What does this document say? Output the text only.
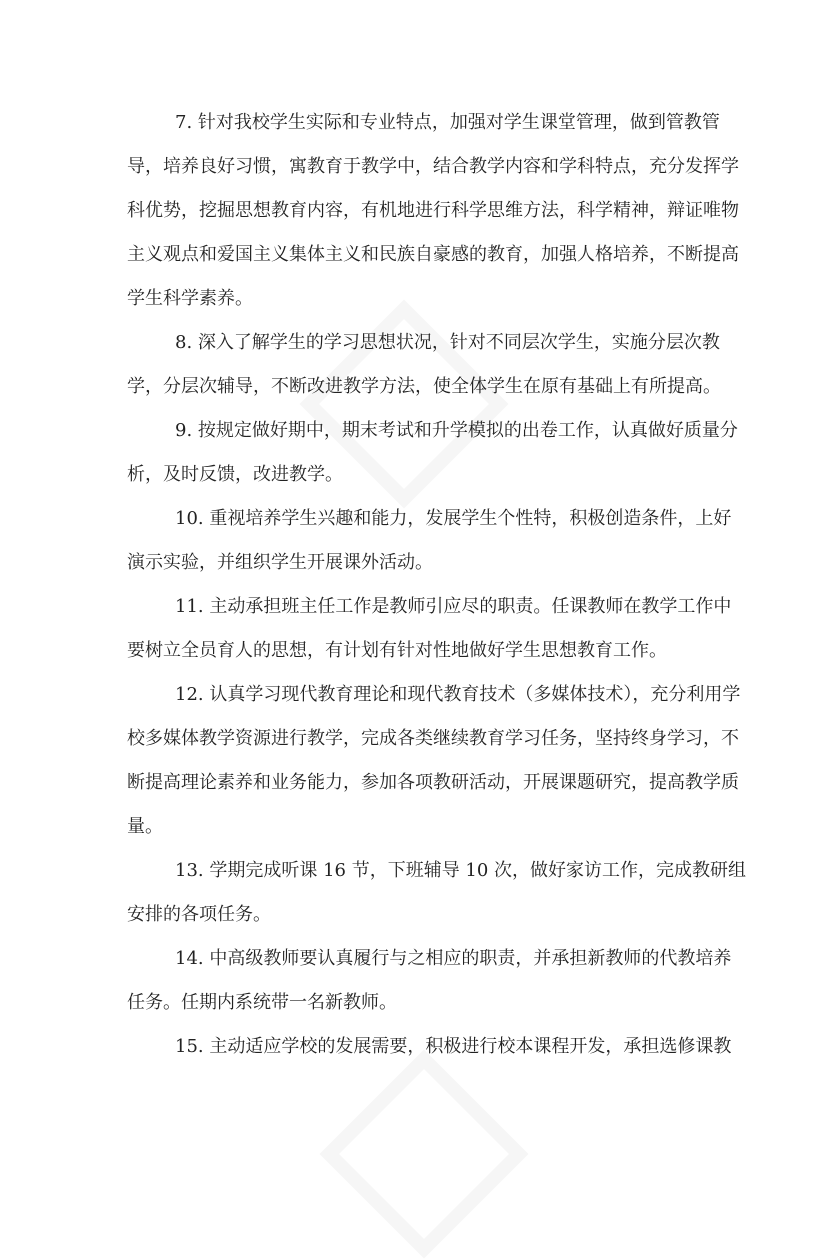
7. 针对我校学生实际和专业特点，加强对学生课堂管理，做到管教管
导，培养良好习惯，寓教育于教学中，结合教学内容和学科特点，充分发挥学
科优势，挖掘思想教育内容，有机地进行科学思维方法，科学精神，辩证唯物
主义观点和爱国主义集体主义和民族自豪感的教育，加强人格培养，不断提高
学生科学素养。
8. 深入了解学生的学习思想状况，针对不同层次学生，实施分层次教
学，分层次辅导，不断改进教学方法，使全体学生在原有基础上有所提高。
9. 按规定做好期中，期末考试和升学模拟的出卷工作，认真做好质量分
析，及时反馈，改进教学。
10. 重视培养学生兴趣和能力，发展学生个性特，积极创造条件，上好
演示实验，并组织学生开展课外活动。
11. 主动承担班主任工作是教师引应尽的职责。任课教师在教学工作中
要树立全员育人的思想，有计划有针对性地做好学生思想教育工作。
12. 认真学习现代教育理论和现代教育技术（多媒体技术），充分利用学
校多媒体教学资源进行教学，完成各类继续教育学习任务，坚持终身学习，不
断提高理论素养和业务能力，参加各项教研活动，开展课题研究，提高教学质
量。
13. 学期完成听课 16 节，下班辅导 10 次，做好家访工作，完成教研组
安排的各项任务。
14. 中高级教师要认真履行与之相应的职责，并承担新教师的代教培养
任务。任期内系统带一名新教师。
15. 主动适应学校的发展需要，积极进行校本课程开发，承担选修课教
